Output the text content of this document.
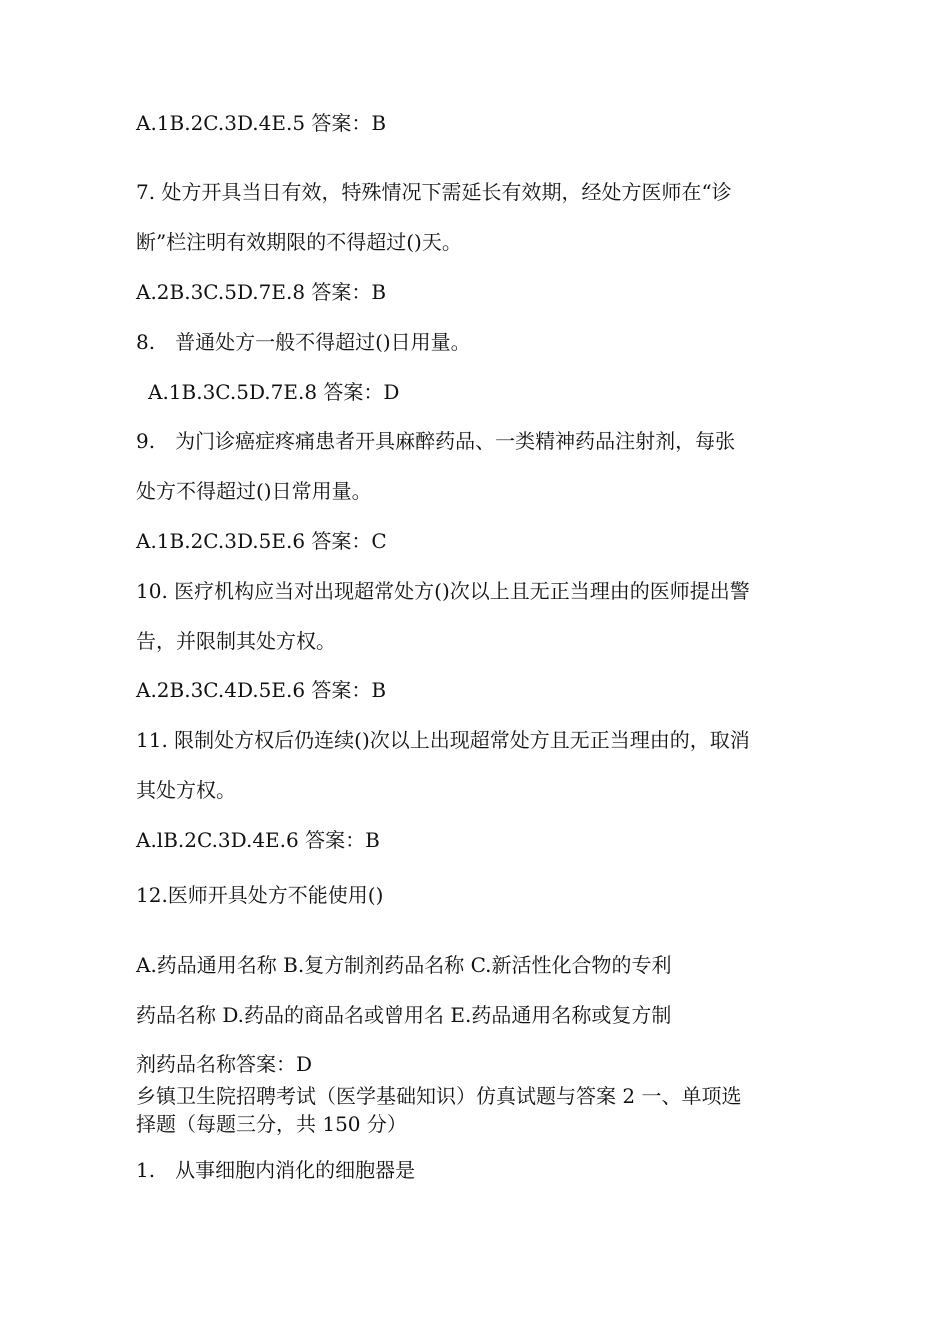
A.1B.2C.3D.4E.5 答案：B
7. 处方开具当日有效，特殊情况下需延长有效期，经处方医师在“诊
断”栏注明有效期限的不得超过()天。
A.2B.3C.5D.7E.8 答案：B
8.　普通处方一般不得超过()日用量。
A.1B.3C.5D.7E.8 答案：D
9.　为门诊癌症疼痛患者开具麻醉药品、一类精神药品注射剂，每张
处方不得超过()日常用量。
A.1B.2C.3D.5E.6 答案：C
10. 医疗机构应当对出现超常处方()次以上且无正当理由的医师提出警
告，并限制其处方权。
A.2B.3C.4D.5E.6 答案：B
11. 限制处方权后仍连续()次以上出现超常处方且无正当理由的，取消
其处方权。
A.lB.2C.3D.4E.6 答案：B
12.医师开具处方不能使用()
A.药品通用名称 B.复方制剂药品名称 C.新活性化合物的专利
药品名称 D.药品的商品名或曾用名 E.药品通用名称或复方制
剂药品名称答案：D
乡镇卫生院招聘考试（医学基础知识）仿真试题与答案 2 一、单项选
择题（每题三分，共 150 分）
1.　从事细胞内消化的细胞器是
